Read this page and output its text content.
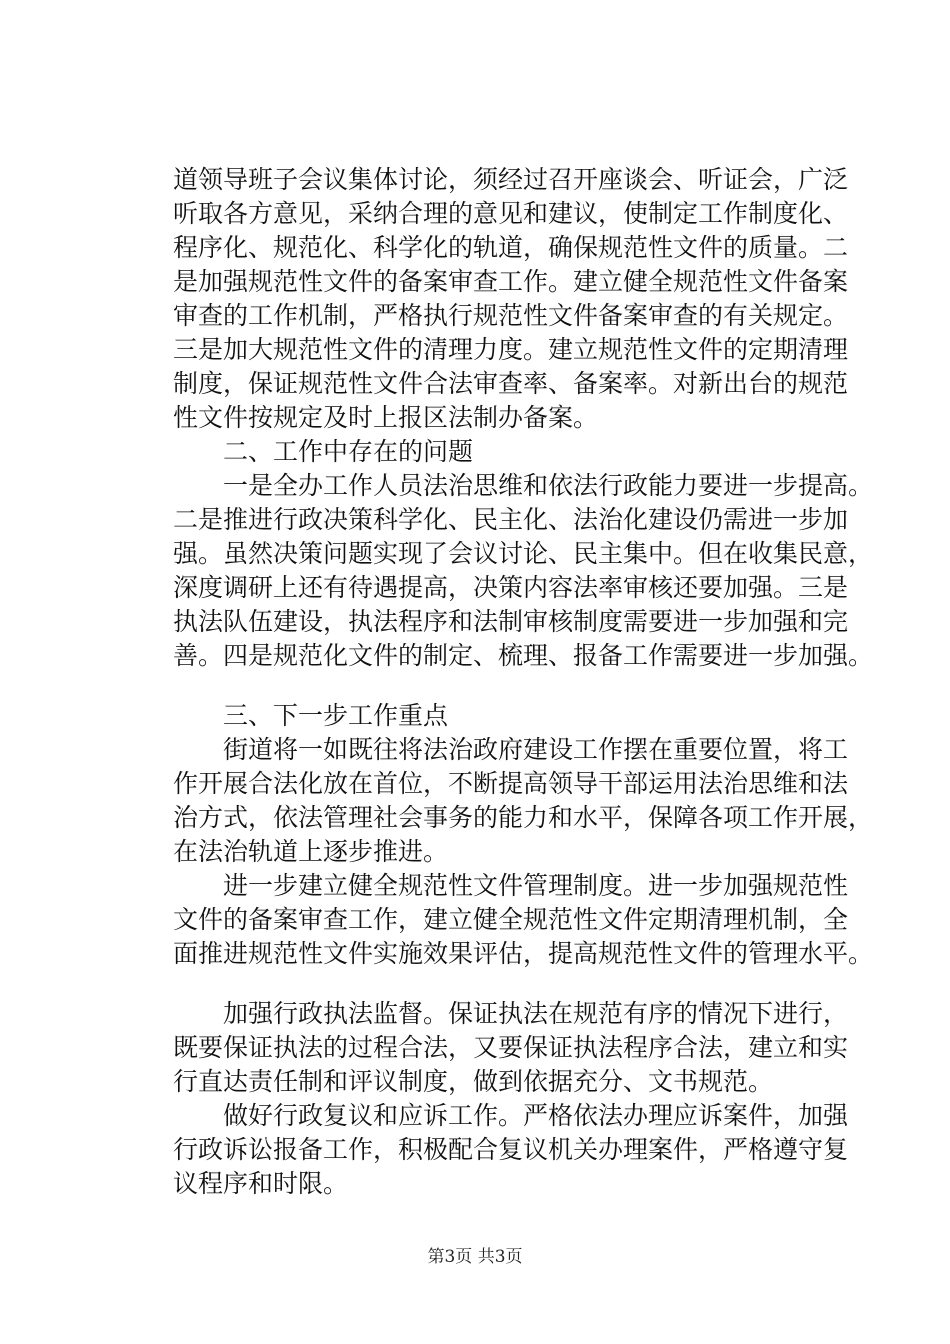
道领导班子会议集体讨论，须经过召开座谈会、听证会，广泛
听取各方意见，采纳合理的意见和建议，使制定工作制度化、
程序化、规范化、科学化的轨道，确保规范性文件的质量。二
是加强规范性文件的备案审查工作。建立健全规范性文件备案
审查的工作机制，严格执行规范性文件备案审查的有关规定。
三是加大规范性文件的清理力度。建立规范性文件的定期清理
制度，保证规范性文件合法审查率、备案率。对新出台的规范
性文件按规定及时上报区法制办备案。
　　二、工作中存在的问题
　　一是全办工作人员法治思维和依法行政能力要进一步提高。
二是推进行政决策科学化、民主化、法治化建设仍需进一步加
强。虽然决策问题实现了会议讨论、民主集中。但在收集民意，
深度调研上还有待遇提高，决策内容法率审核还要加强。三是
执法队伍建设，执法程序和法制审核制度需要进一步加强和完
善。四是规范化文件的制定、梳理、报备工作需要进一步加强。
　　三、下一步工作重点
　　街道将一如既往将法治政府建设工作摆在重要位置，将工
作开展合法化放在首位，不断提高领导干部运用法治思维和法
治方式，依法管理社会事务的能力和水平，保障各项工作开展，
在法治轨道上逐步推进。
　　进一步建立健全规范性文件管理制度。进一步加强规范性
文件的备案审查工作，建立健全规范性文件定期清理机制，全
面推进规范性文件实施效果评估，提高规范性文件的管理水平。
　　加强行政执法监督。保证执法在规范有序的情况下进行，
既要保证执法的过程合法，又要保证执法程序合法，建立和实
行直达责任制和评议制度，做到依据充分、文书规范。
　　做好行政复议和应诉工作。严格依法办理应诉案件，加强
行政诉讼报备工作，积极配合复议机关办理案件，严格遵守复
议程序和时限。
第3页 共3页
